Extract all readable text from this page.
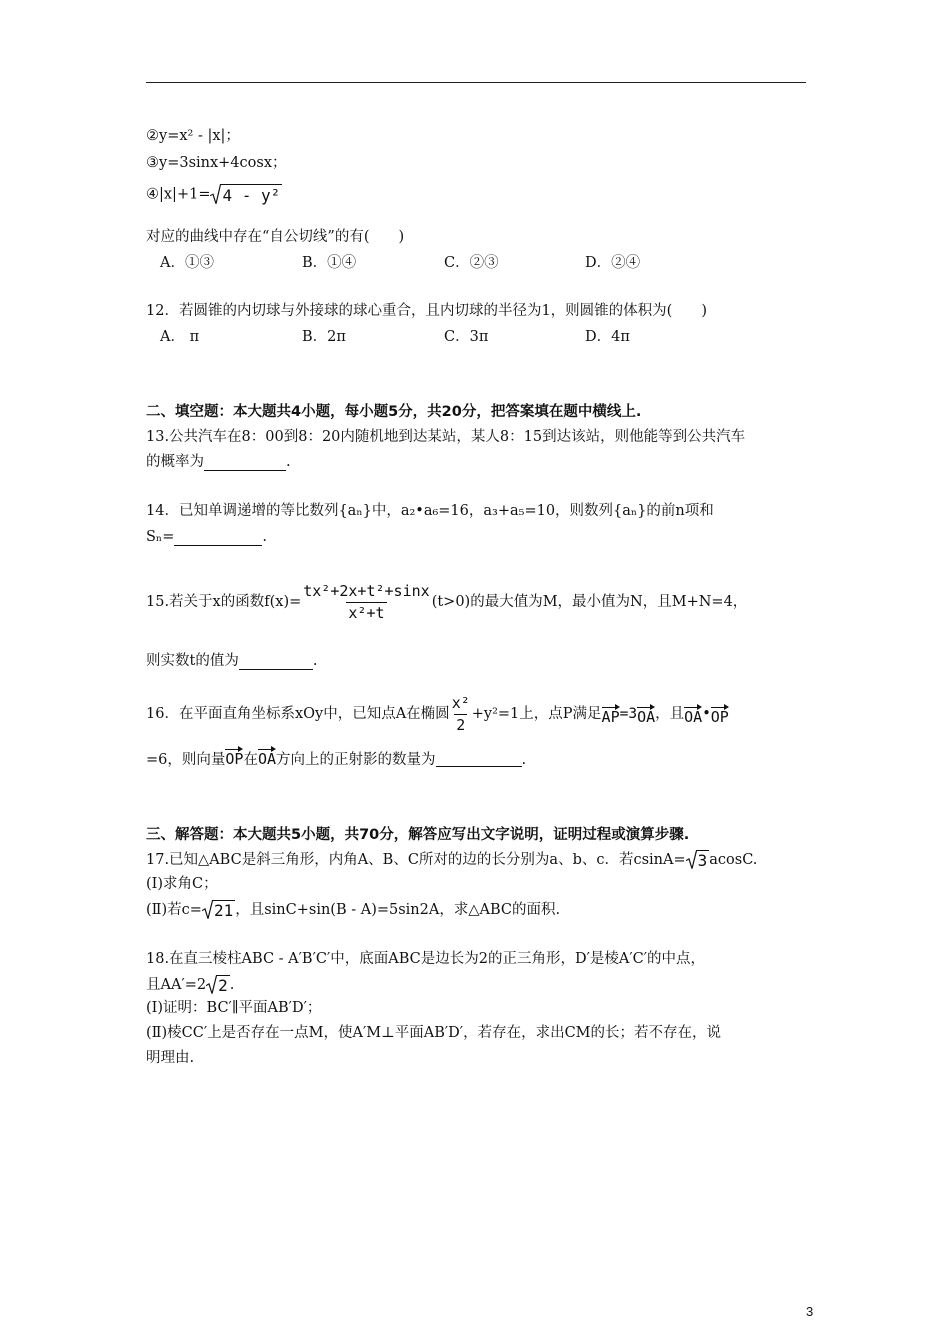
②y=x² - |x|；
③y=3sinx+4cosx；
④|x|+1= 4 - y²
对应的曲线中存在“自公切线”的有(　　)
A．①③	B．①④	C．②③	D．②④
12．若圆锥的内切球与外接球的球心重合，且内切球的半径为1，则圆锥的体积为(　　)
A． π	B．2π	C．3π	D．4π
二、填空题：本大题共4小题，每小题5分，共20分，把答案填在题中横线上.
13.公共汽车在8：00到8：20内随机地到达某站，某人8：15到达该站，则他能等到公共汽车
的概率为	.
14．已知单调递增的等比数列{aₙ}中，a₂•a₆=16，a₃+a₅=10，则数列{aₙ}的前n项和
Sₙ=	.
15.若关于x的函数$f(x)= \frac{\text{tx²+2x+t²+sinx}}{\text{x²+t}} (t>0)$的最大值为M，最小值为N，且M+N=4，
则实数t的值为	.
16．在平面直角坐标系xOy中，已知点A在椭圆 $\frac{\text{x²}}{2} +y^2=1$上，点P满足 AP =3 OA ，且 OA • OP
=6，则向量 OP 在 OA 方向上的正射影的数量为
	.
三、解答题：本大题共5小题，共70分，解答应写出文字说明，证明过程或演算步骤.
17.已知△ABC是斜三角形，内角A、B、C所对的边的长分别为a、b、c．若csinA= 3 acosC.
(Ⅰ)求角C；
(Ⅱ)若c= 21 ，且sinC+sin(B - A)=5sin2A，求△ABC的面积.
18.在直三棱柱ABC - A′B′C′中，底面ABC是边长为2的正三角形，D′是棱A′C′的中点，
且AA′=2 2 .
(Ⅰ)证明：BC′∥平面AB′D′；
(Ⅱ)棱CC′上是否存在一点M，使A′M⊥平面AB′D′，若存在，求出CM的长；若不存在，说
明理由.
3
